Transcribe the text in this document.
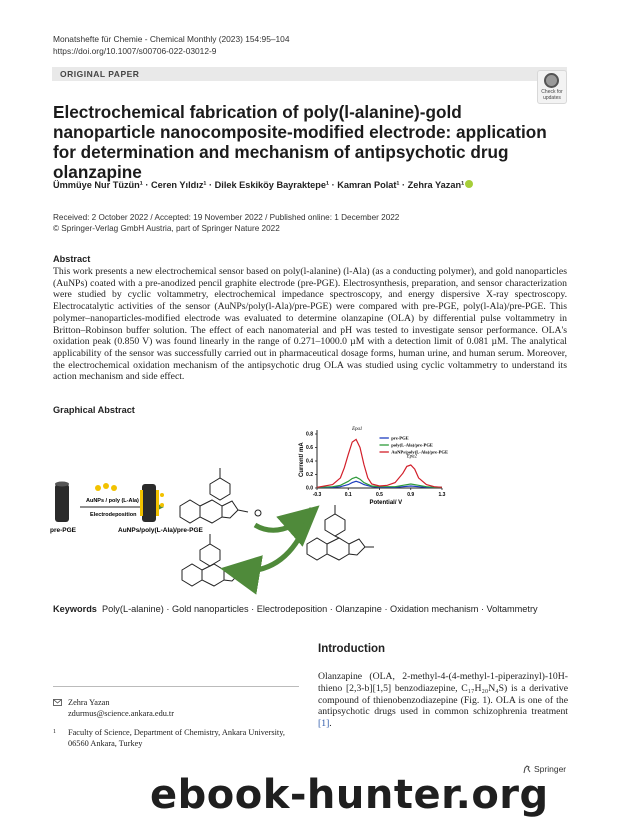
Monatshefte für Chemie - Chemical Monthly (2023) 154:95–104
https://doi.org/10.1007/s00706-022-03012-9
ORIGINAL PAPER
Check for updates
Electrochemical fabrication of poly(l-alanine)-gold nanoparticle nanocomposite-modified electrode: application for determination and mechanism of antipsychotic drug olanzapine
Ümmüye Nur Tüzün¹ · Ceren Yıldız¹ · Dilek Eskiköy Bayraktepe¹ · Kamran Polat¹ · Zehra Yazan¹
Received: 2 October 2022 / Accepted: 19 November 2022 / Published online: 1 December 2022
© Springer-Verlag GmbH Austria, part of Springer Nature 2022
Abstract
This work presents a new electrochemical sensor based on poly(l-alanine) (l-Ala) (as a conducting polymer), and gold nanoparticles (AuNPs) coated with a pre-anodized pencil graphite electrode (pre-PGE). Electrosynthesis, preparation, and sensor characterization were studied by cyclic voltammetry, electrochemical impedance spectroscopy, and energy dispersive X-ray spectroscopy. Electrocatalytic activities of the sensor (AuNPs/poly(l-Ala)/pre-PGE) were compared with pre-PGE, poly(l-Ala)/pre-PGE. This polymer–nanoparticles-modified electrode was evaluated to determine olanzapine (OLA) by differential pulse voltammetry in Britton–Robinson buffer solution. The effect of each nanomaterial and pH was tested to investigate sensor performance. OLA's oxidation peak (0.850 V) was found linearly in the range of 0.271–1000.0 µM with a detection limit of 0.081 µM. The analytical applicability of the sensor was successfully carried out in pharmaceutical dosage forms, human urine, and human serum. Moreover, the electrochemical oxidation mechanism of the antipsychotic drug OLA was studied using cyclic voltammetry to understand its action mechanism and side effect.
Graphical Abstract
pre-PGE
AuNPs / poly (L-Ala)
Electrodeposition
AuNPs/poly(L-Ala)/pre-PGE
-0.3	0.1	0.5	0.9	1.3
0.0
0.2
0.4
0.6
0.8
Current/ mA
Potential/ V
Epa1
Epa2
pre-PGE
poly(L-Ala)/pre-PGE
AuNPs/poly(L-Ala)/pre-PGE
Keywords Poly(L-alanine) · Gold nanoparticles · Electrodeposition · Olanzapine · Oxidation mechanism · Voltammetry
Introduction
Olanzapine (OLA, 2-methyl-4-(4-methyl-1-piperazinyl)-10H-thieno [2,3-b][1,5] benzodiazepine, C₁₇H₂₀N₄S) is a derivative compound of thienobenzodiazepine (Fig. 1). OLA is one of the antipsychotic drugs used in common schizophrenia treatment [1].
Zehra Yazan
zdurmus@science.ankara.edu.tr
1	Faculty of Science, Department of Chemistry, Ankara University, 06560 Ankara, Turkey
Springer
ebook-hunter.org
